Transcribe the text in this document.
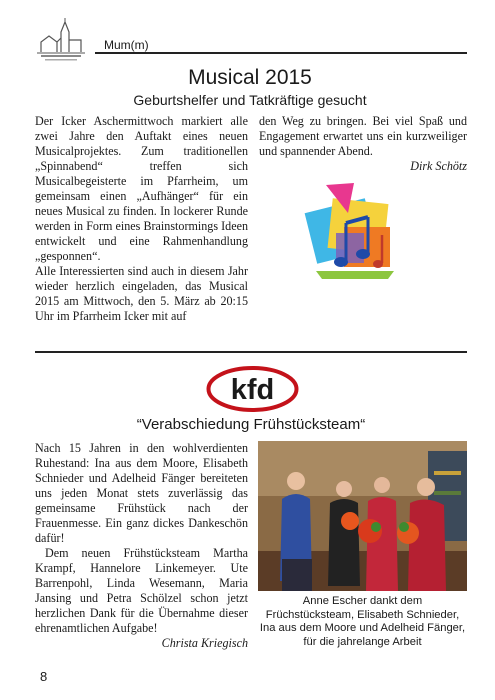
Mum(m)
Musical 2015
Geburtshelfer und Tatkräftige gesucht

Der Icker Aschermittwoch markiert alle zwei Jahre den Auftakt eines neuen Musicalprojektes. Zum traditionellen „Spinnabend“ treffen sich Musicalbegeisterte im Pfarrheim, um gemeinsam einen „Aufhänger“ für ein neues Musical zu finden. In lockerer Runde werden in Form eines Brainstormings Ideen entwickelt und eine Rahmenhandlung „gesponnen“.

Alle Interessierten sind auch in diesem Jahr wieder herzlich eingeladen, das Musical 2015 am Mittwoch, den 5. März ab 20:15 Uhr im Pfarrheim Icker mit auf

den Weg zu bringen. Bei viel Spaß und Engagement erwartet uns ein kurzweiliger und spannender Abend.

Dirk Schötz

kfd
“Verabschiedung Frühstücksteam“

Nach 15 Jahren in den wohlverdienten Ruhestand: Ina aus dem Moore, Elisabeth Schnieder und Adelheid Fänger bereiteten uns jeden Monat stets zuverlässig das gemeinsame Frühstück nach der Frauenmesse. Ein ganz dickes Dankeschön dafür!

Dem neuen Frühstücksteam Martha Krampf, Hannelore Linkemeyer. Ute Barrenpohl, Linda Wesemann, Maria Jansing und Petra Schölzel schon jetzt herzlichen Dank für die Übernahme dieser ehrenamtlichen Aufgabe!

Christa Kriegisch

Anne Escher dankt dem Früchstücksteam, Elisabeth Schnieder, Ina aus dem Moore und Adelheid Fänger, für die jahrelange Arbeit
8
